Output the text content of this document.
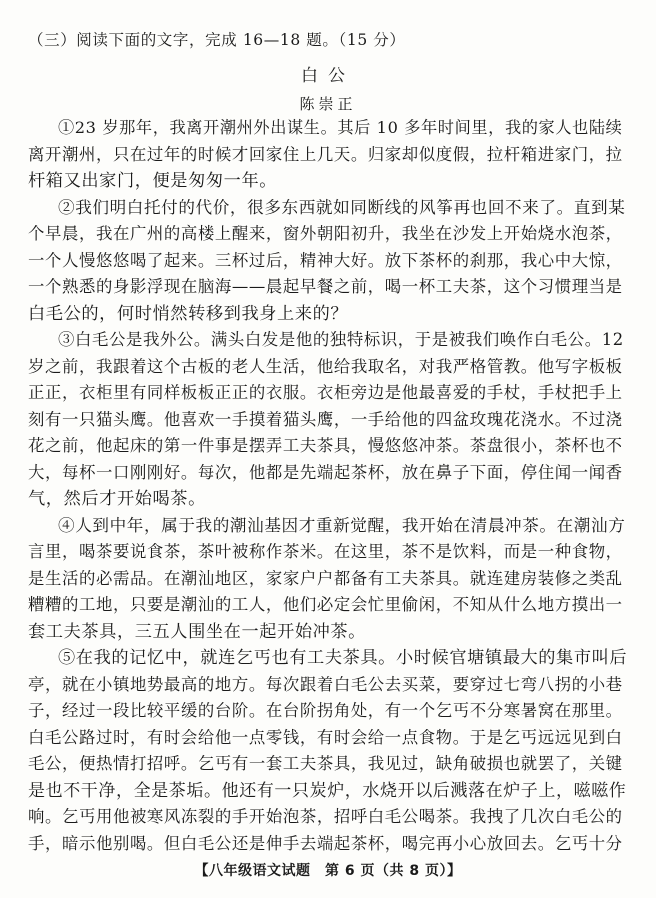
（三）阅读下面的文字，完成 16—18 题。（15 分）
白公
陈崇正
①23 岁那年，我离开潮州外出谋生。其后 10 多年时间里，我的家人也陆续
离开潮州，只在过年的时候才回家住上几天。归家却似度假，拉杆箱进家门，拉
杆箱又出家门，便是匆匆一年。
②我们明白托付的代价，很多东西就如同断线的风筝再也回不来了。直到某
个早晨，我在广州的高楼上醒来，窗外朝阳初升，我坐在沙发上开始烧水泡茶，
一个人慢悠悠喝了起来。三杯过后，精神大好。放下茶杯的刹那，我心中大惊，
一个熟悉的身影浮现在脑海——晨起早餐之前，喝一杯工夫茶，这个习惯理当是
白毛公的，何时悄然转移到我身上来的？
③白毛公是我外公。满头白发是他的独特标识，于是被我们唤作白毛公。12
岁之前，我跟着这个古板的老人生活，他给我取名，对我严格管教。他写字板板
正正，衣柜里有同样板板正正的衣服。衣柜旁边是他最喜爱的手杖，手杖把手上
刻有一只猫头鹰。他喜欢一手摸着猫头鹰，一手给他的四盆玫瑰花浇水。不过浇
花之前，他起床的第一件事是摆弄工夫茶具，慢悠悠冲茶。茶盘很小，茶杯也不
大，每杯一口刚刚好。每次，他都是先端起茶杯，放在鼻子下面，停住闻一闻香
气，然后才开始喝茶。
④人到中年，属于我的潮汕基因才重新觉醒，我开始在清晨冲茶。在潮汕方
言里，喝茶要说食茶，茶叶被称作茶米。在这里，茶不是饮料，而是一种食物，
是生活的必需品。在潮汕地区，家家户户都备有工夫茶具。就连建房装修之类乱
糟糟的工地，只要是潮汕的工人，他们必定会忙里偷闲，不知从什么地方摸出一
套工夫茶具，三五人围坐在一起开始冲茶。
⑤在我的记忆中，就连乞丐也有工夫茶具。小时候官塘镇最大的集市叫后
亭，就在小镇地势最高的地方。每次跟着白毛公去买菜，要穿过七弯八拐的小巷
子，经过一段比较平缓的台阶。在台阶拐角处，有一个乞丐不分寒暑窝在那里。
白毛公路过时，有时会给他一点零钱，有时会给一点食物。于是乞丐远远见到白
毛公，便热情打招呼。乞丐有一套工夫茶具，我见过，缺角破损也就罢了，关键
是也不干净，全是茶垢。他还有一只炭炉，水烧开以后溅落在炉子上，嗞嗞作
响。乞丐用他被寒风冻裂的手开始泡茶，招呼白毛公喝茶。我拽了几次白毛公的
手，暗示他别喝。但白毛公还是伸手去端起茶杯，喝完再小心放回去。乞丐十分
【八年级语文试题　第 6 页（共 8 页）】
